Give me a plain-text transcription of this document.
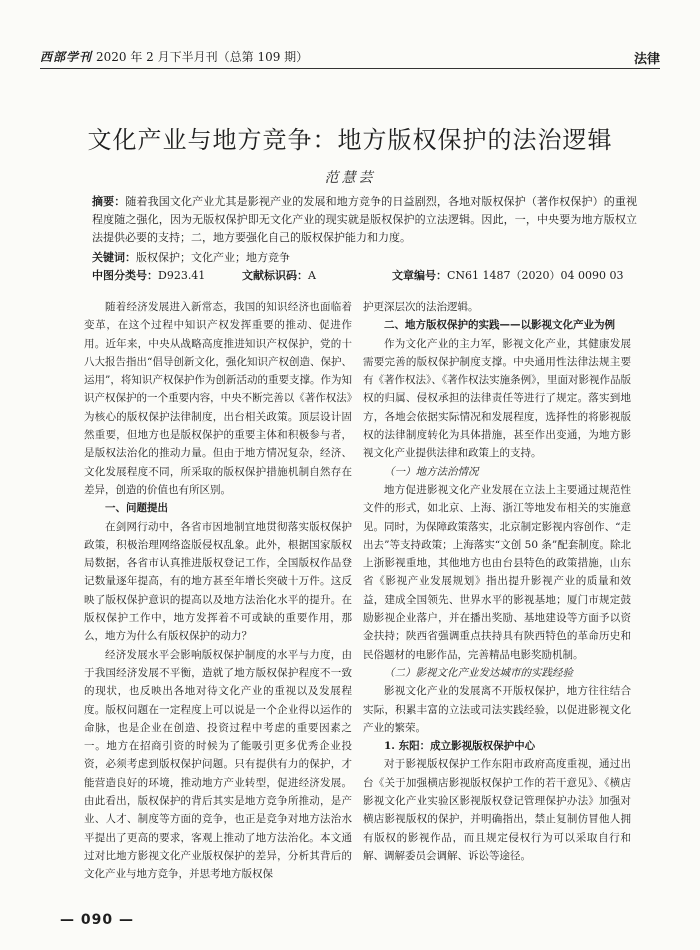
西部学刊 2020 年 2 月下半月刊（总第 109 期）	法律
文化产业与地方竞争：地方版权保护的法治逻辑
范慧芸
摘要：随着我国文化产业尤其是影视产业的发展和地方竞争的日益剧烈，各地对版权保护（著作权保护）的重视程度随之强化，因为无版权保护即无文化产业的现实就是版权保护的立法逻辑。因此，一，中央要为地方版权立法提供必要的支持；二，地方要强化自己的版权保护能力和力度。
关键词：版权保护；文化产业；地方竞争
中图分类号：D923.41	文献标识码：A	文章编号：CN61 1487（2020）04 0090 03

随着经济发展进入新常态，我国的知识经济也面临着变革，在这个过程中知识产权发挥重要的推动、促进作用。近年来，中央从战略高度推进知识产权保护，党的十八大报告指出“倡导创新文化，强化知识产权创造、保护、运用”，将知识产权保护作为创新活动的重要支撑。作为知识产权保护的一个重要内容，中央不断完善以《著作权法》为核心的版权保护法律制度，出台相关政策。顶层设计固然重要，但地方也是版权保护的重要主体和积极参与者，是版权法治化的推动力量。但由于地方情况复杂，经济、文化发展程度不同，所采取的版权保护措施机制自然存在差异，创造的价值也有所区别。

一、问题提出

在剑网行动中，各省市因地制宜地贯彻落实版权保护政策，积极治理网络盗版侵权乱象。此外，根据国家版权局数据，各省市认真推进版权登记工作，全国版权作品登记数量逐年提高，有的地方甚至年增长突破十万件。这反映了版权保护意识的提高以及地方法治化水平的提升。在版权保护工作中，地方发挥着不可或缺的重要作用，那么，地方为什么有版权保护的动力？

经济发展水平会影响版权保护制度的水平与力度，由于我国经济发展不平衡，造就了地方版权保护程度不一致的现状，也反映出各地对待文化产业的重视以及发展程度。版权问题在一定程度上可以说是一个企业得以运作的命脉，也是企业在创造、投资过程中考虑的重要因素之一。地方在招商引资的时候为了能吸引更多优秀企业投资，必须考虑到版权保护问题。只有提供有力的保护，才能营造良好的环境，推动地方产业转型，促进经济发展。由此看出，版权保护的背后其实是地方竞争所推动，是产业、人才、制度等方面的竞争，也正是竞争对地方法治水平提出了更高的要求，客观上推动了地方法治化。本文通过对比地方影视文化产业版权保护的差异，分析其背后的文化产业与地方竞争，并思考地方版权保

护更深层次的法治逻辑。

二、地方版权保护的实践——以影视文化产业为例

作为文化产业的主力军，影视文化产业，其健康发展需要完善的版权保护制度支撑。中央通用性法律法规主要有《著作权法》、《著作权法实施条例》，里面对影视作品版权的归属、侵权承担的法律责任等进行了规定。落实到地方，各地会依据实际情况和发展程度，选择性的将影视版权的法律制度转化为具体措施，甚至作出变通，为地方影视文化产业提供法律和政策上的支持。

（一）地方法治情况

地方促进影视文化产业发展在立法上主要通过规范性文件的形式，如北京、上海、浙江等地发布相关的实施意见。同时，为保障政策落实，北京制定影视内容创作、“走出去”等支持政策；上海落实“文创 50 条”配套制度。除北上浙影视重地，其他地方也由台县特色的政策措施，山东省《影视产业发展规划》指出提升影视产业的质量和效益，建成全国领先、世界水平的影视基地；厦门市规定鼓励影视企业落户，并在播出奖励、基地建设等方面予以资金扶持；陕西省强调重点扶持具有陕西特色的革命历史和民俗题材的电影作品，完善精品电影奖励机制。

（二）影视文化产业发达城市的实践经验

影视文化产业的发展离不开版权保护，地方往往结合实际，积累丰富的立法或司法实践经验，以促进影视文化产业的繁荣。

1. 东阳：成立影视版权保护中心

对于影视版权保护工作东阳市政府高度重视，通过出台《关于加强横店影视版权保护工作的若干意见》、《横店影视文化产业实验区影视版权登记管理保护办法》加强对横店影视版权的保护，并明确指出，禁止复制仿冒他人拥有版权的影视作品，而且规定侵权行为可以采取自行和解、调解委员会调解、诉讼等途径。

— 090 —
